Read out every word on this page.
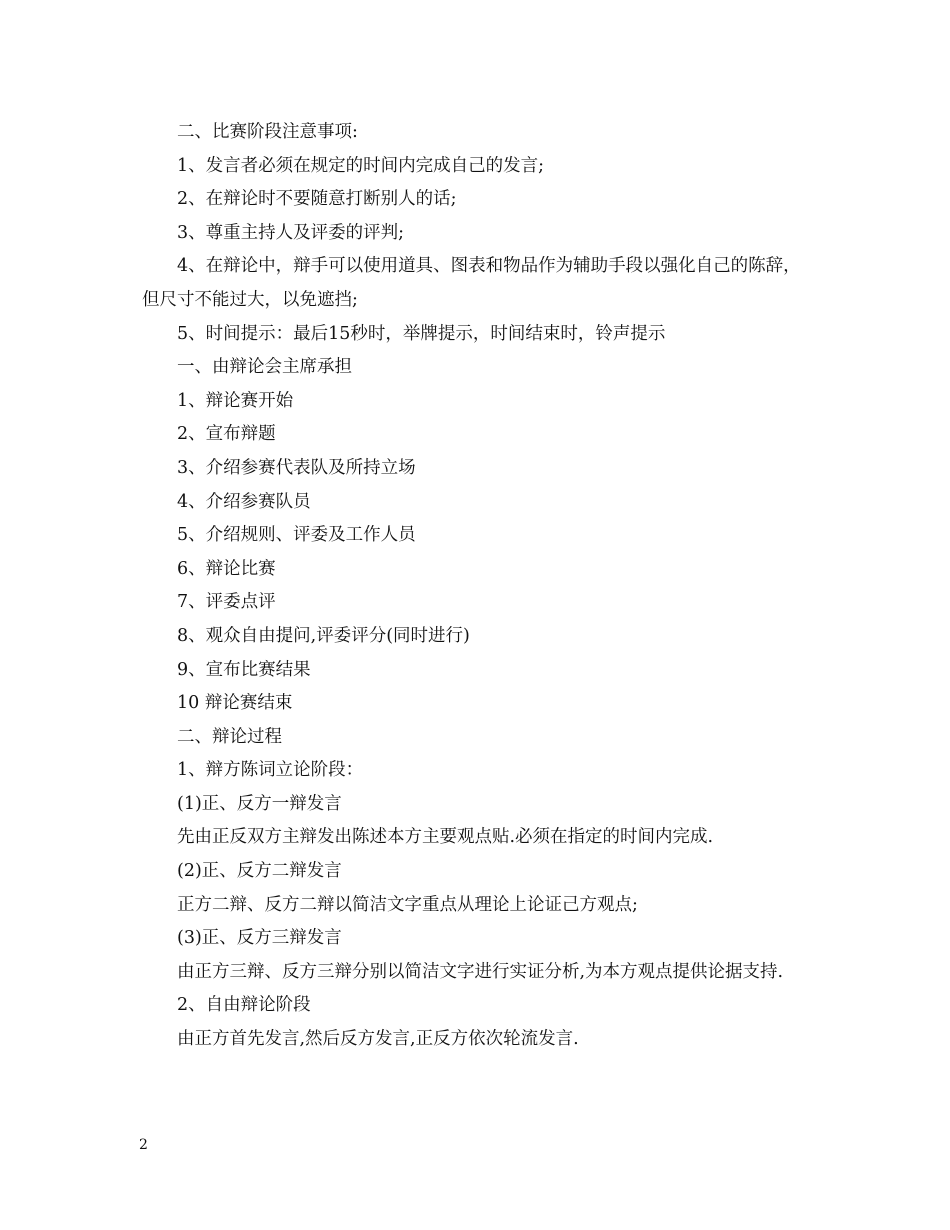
二、比赛阶段注意事项:

1、发言者必须在规定的时间内完成自己的发言;

2、在辩论时不要随意打断别人的话;

3、尊重主持人及评委的评判;

4、在辩论中，辩手可以使用道具、图表和物品作为辅助手段以强化自己的陈辞，但尺寸不能过大，以免遮挡;

5、时间提示：最后15秒时，举牌提示，时间结束时，铃声提示

一、由辩论会主席承担

1、辩论赛开始

2、宣布辩题

3、介绍参赛代表队及所持立场

4、介绍参赛队员

5、介绍规则、评委及工作人员

6、辩论比赛

7、评委点评

8、观众自由提问,评委评分(同时进行)

9、宣布比赛结果

10 辩论赛结束

二、辩论过程

1、辩方陈词立论阶段：

(1)正、反方一辩发言

先由正反双方主辩发出陈述本方主要观点贴.必须在指定的时间内完成.

(2)正、反方二辩发言

正方二辩、反方二辩以简洁文字重点从理论上论证己方观点;

(3)正、反方三辩发言

由正方三辩、反方三辩分别以简洁文字进行实证分析,为本方观点提供论据支持.

2、自由辩论阶段

由正方首先发言,然后反方发言,正反方依次轮流发言.

2
